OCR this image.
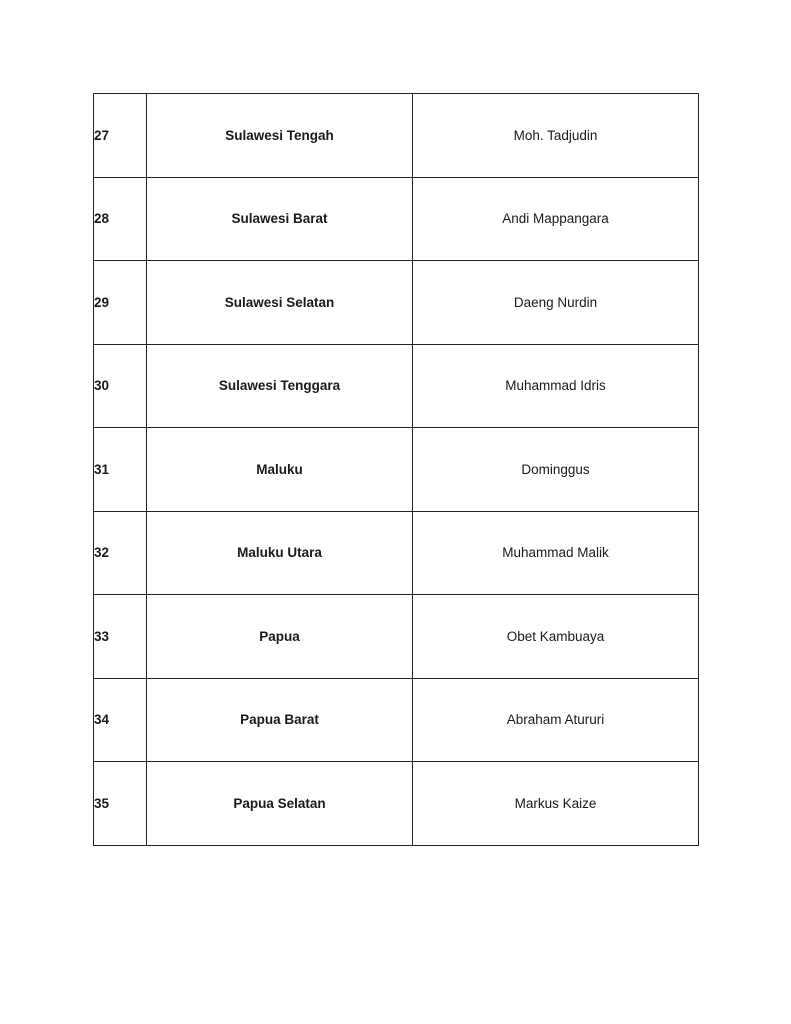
27	Sulawesi Tengah	Moh. Tadjudin
28	Sulawesi Barat	Andi Mappangara
29	Sulawesi Selatan	Daeng Nurdin
30	Sulawesi Tenggara	Muhammad Idris
31	Maluku	Dominggus
32	Maluku Utara	Muhammad Malik
33	Papua	Obet Kambuaya
34	Papua Barat	Abraham Atururi
35	Papua Selatan	Markus Kaize
